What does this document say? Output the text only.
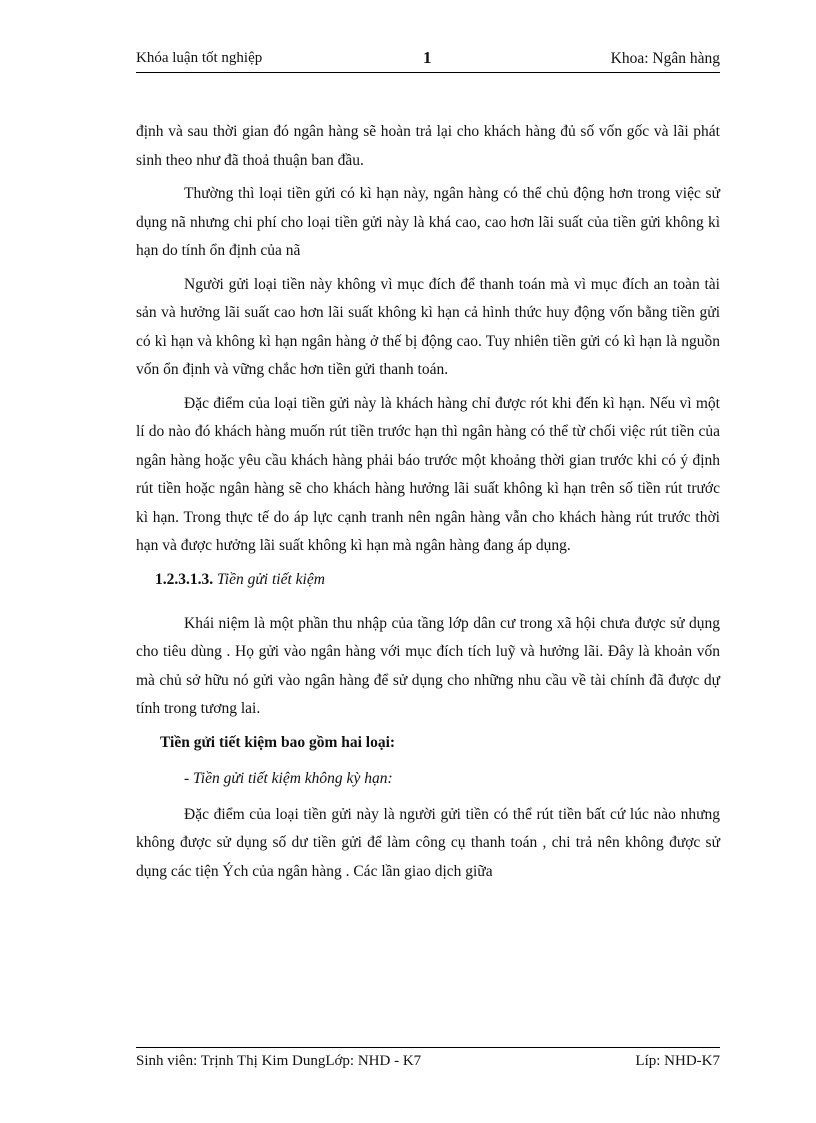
Khóa luận tốt nghiệp	1	Khoa: Ngân hàng

định và sau thời gian đó ngân hàng sẽ hoàn trả lại cho khách hàng đủ số vốn gốc và lãi phát sinh theo như đã thoả thuận ban đầu.

Thường thì loại tiền gửi có kì hạn này, ngân hàng có thể chủ động hơn trong việc sử dụng nã nhưng chi phí cho loại tiền gửi này là khá cao, cao hơn lãi suất của tiền gửi không kì hạn do tính ổn định của nã

Người gửi loại tiền này không vì mục đích để thanh toán mà vì mục đích an toàn tài sản và hưởng lãi suất cao hơn lãi suất không kì hạn cả hình thức huy động vốn bằng tiền gửi có kì hạn và không kì hạn ngân hàng ở thế bị động cao. Tuy nhiên tiền gửi có kì hạn là nguồn vốn ổn định và vững chắc hơn tiền gửi thanh toán.

Đặc điểm của loại tiền gửi này là khách hàng chỉ được rót khi đến kì hạn. Nếu vì một lí do nào đó khách hàng muốn rút tiền trước hạn thì ngân hàng có thể từ chối việc rút tiền của ngân hàng hoặc yêu cầu khách hàng phải báo trước một khoảng thời gian trước khi có ý định rút tiền hoặc ngân hàng sẽ cho khách hàng hưởng lãi suất không kì hạn trên số tiền rút trước kì hạn. Trong thực tế do áp lực cạnh tranh nên ngân hàng vẫn cho khách hàng rút trước thời hạn và được hưởng lãi suất không kì hạn mà ngân hàng đang áp dụng.

1.2.3.1.3. Tiền gửi tiết kiệm

Khái niệm là một phần thu nhập của tầng lớp dân cư trong xã hội chưa được sử dụng cho tiêu dùng . Họ gửi vào ngân hàng với mục đích tích luỹ và hưởng lãi. Đây là khoản vốn mà chủ sở hữu nó gửi vào ngân hàng để sử dụng cho những nhu cầu về tài chính đã được dự tính trong tương lai.

Tiền gửi tiết kiệm bao gồm hai loại:
- Tiền gửi tiết kiệm không kỳ hạn:

Đặc điểm của loại tiền gửi này là người gửi tiền có thể rút tiền bất cứ lúc nào nhưng không được sử dụng số dư tiền gửi để làm công cụ thanh toán , chi trả nên không được sử dụng các tiện Ých của ngân hàng . Các lần giao dịch giữa

Sinh viên: Trịnh Thị Kim DungLớp: NHD - K7	Líp: NHD-K7
